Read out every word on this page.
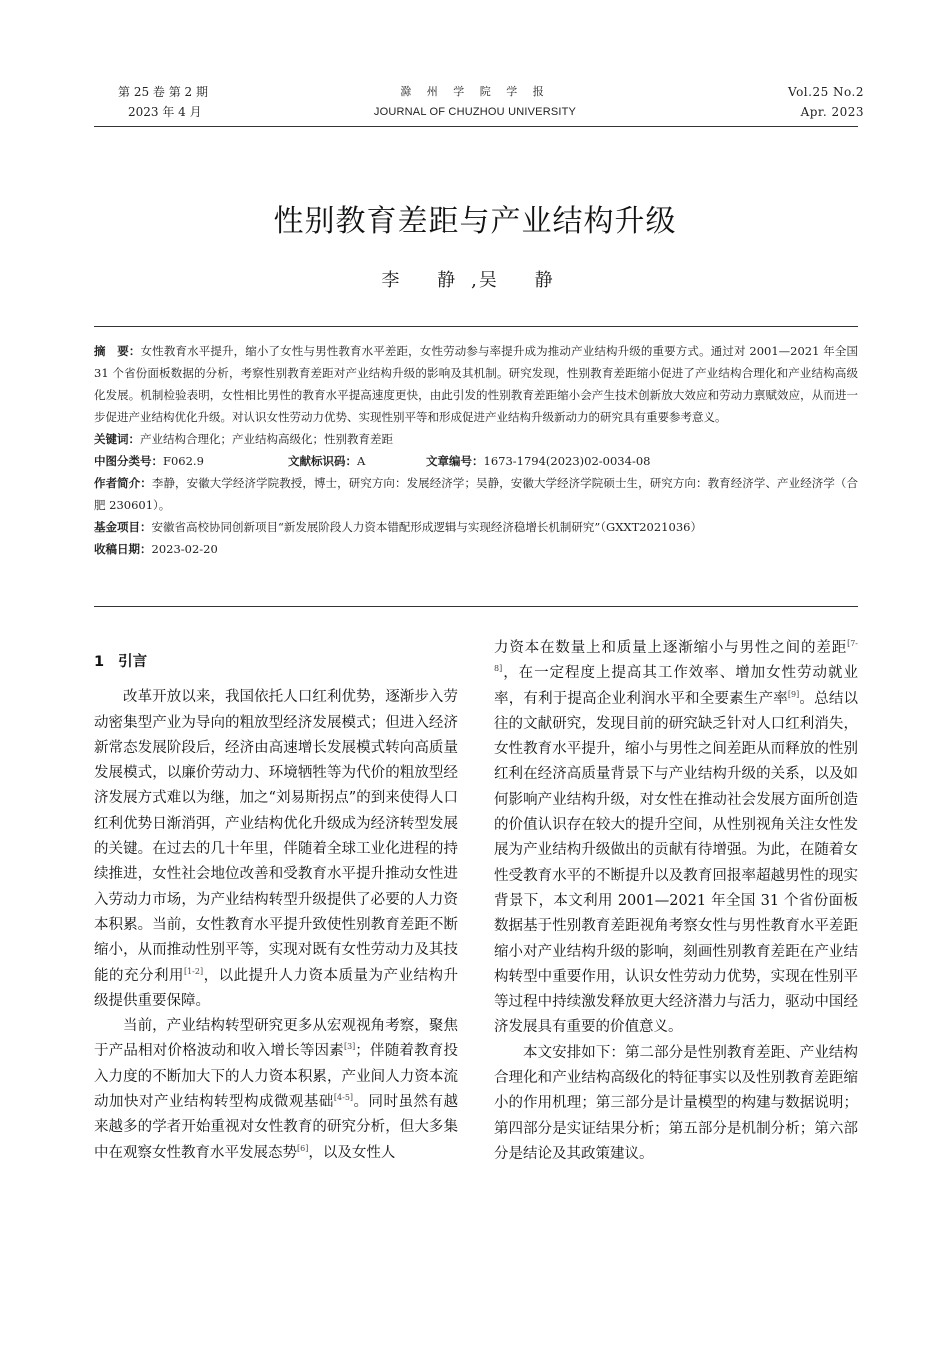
第 25 卷 第 2 期
2023 年 4 月
滁 州 学 院 学 报
JOURNAL OF CHUZHOU UNIVERSITY
Vol.25 No.2
Apr. 2023
性别教育差距与产业结构升级
李 静,吴 静

摘　要：女性教育水平提升，缩小了女性与男性教育水平差距，女性劳动参与率提升成为推动产业结构升级的重要方式。通过对 2001—2021 年全国 31 个省份面板数据的分析，考察性别教育差距对产业结构升级的影响及其机制。研究发现，性别教育差距缩小促进了产业结构合理化和产业结构高级化发展。机制检验表明，女性相比男性的教育水平提高速度更快，由此引发的性别教育差距缩小会产生技术创新放大效应和劳动力禀赋效应，从而进一步促进产业结构优化升级。对认识女性劳动力优势、实现性别平等和形成促进产业结构升级新动力的研究具有重要参考意义。

关键词：产业结构合理化；产业结构高级化；性别教育差距

中图分类号：F062.9	文献标识码：A	文章编号：1673-1794(2023)02-0034-08

作者简介：李静，安徽大学经济学院教授，博士，研究方向：发展经济学；吴静，安徽大学经济学院硕士生，研究方向：教育经济学、产业经济学（合肥 230601）。

基金项目：安徽省高校协同创新项目“新发展阶段人力资本错配形成逻辑与实现经济稳增长机制研究”（GXXT2021036）

收稿日期：2023-02-20

1 引言

改革开放以来，我国依托人口红利优势，逐渐步入劳动密集型产业为导向的粗放型经济发展模式；但进入经济新常态发展阶段后，经济由高速增长发展模式转向高质量发展模式，以廉价劳动力、环境牺牲等为代价的粗放型经济发展方式难以为继，加之“刘易斯拐点”的到来使得人口红利优势日渐消弭，产业结构优化升级成为经济转型发展的关键。在过去的几十年里，伴随着全球工业化进程的持续推进，女性社会地位改善和受教育水平提升推动女性进入劳动力市场，为产业结构转型升级提供了必要的人力资本积累。当前，女性教育水平提升致使性别教育差距不断缩小，从而推动性别平等，实现对既有女性劳动力及其技能的充分利用[1-2]，以此提升人力资本质量为产业结构升级提供重要保障。

当前，产业结构转型研究更多从宏观视角考察，聚焦于产品相对价格波动和收入增长等因素[3]；伴随着教育投入力度的不断加大下的人力资本积累，产业间人力资本流动加快对产业结构转型构成微观基础[4-5]。同时虽然有越来越多的学者开始重视对女性教育的研究分析，但大多集中在观察女性教育水平发展态势[6]，以及女性人

力资本在数量上和质量上逐渐缩小与男性之间的差距[7-8]，在一定程度上提高其工作效率、增加女性劳动就业率，有利于提高企业利润水平和全要素生产率[9]。总结以往的文献研究，发现目前的研究缺乏针对人口红利消失，女性教育水平提升，缩小与男性之间差距从而释放的性别红利在经济高质量背景下与产业结构升级的关系，以及如何影响产业结构升级，对女性在推动社会发展方面所创造的价值认识存在较大的提升空间，从性别视角关注女性发展为产业结构升级做出的贡献有待增强。为此，在随着女性受教育水平的不断提升以及教育回报率超越男性的现实背景下，本文利用 2001—2021 年全国 31 个省份面板数据基于性别教育差距视角考察女性与男性教育水平差距缩小对产业结构升级的影响，刻画性别教育差距在产业结构转型中重要作用，认识女性劳动力优势，实现在性别平等过程中持续激发释放更大经济潜力与活力，驱动中国经济发展具有重要的价值意义。

本文安排如下：第二部分是性别教育差距、产业结构合理化和产业结构高级化的特征事实以及性别教育差距缩小的作用机理；第三部分是计量模型的构建与数据说明；第四部分是实证结果分析；第五部分是机制分析；第六部分是结论及其政策建议。
